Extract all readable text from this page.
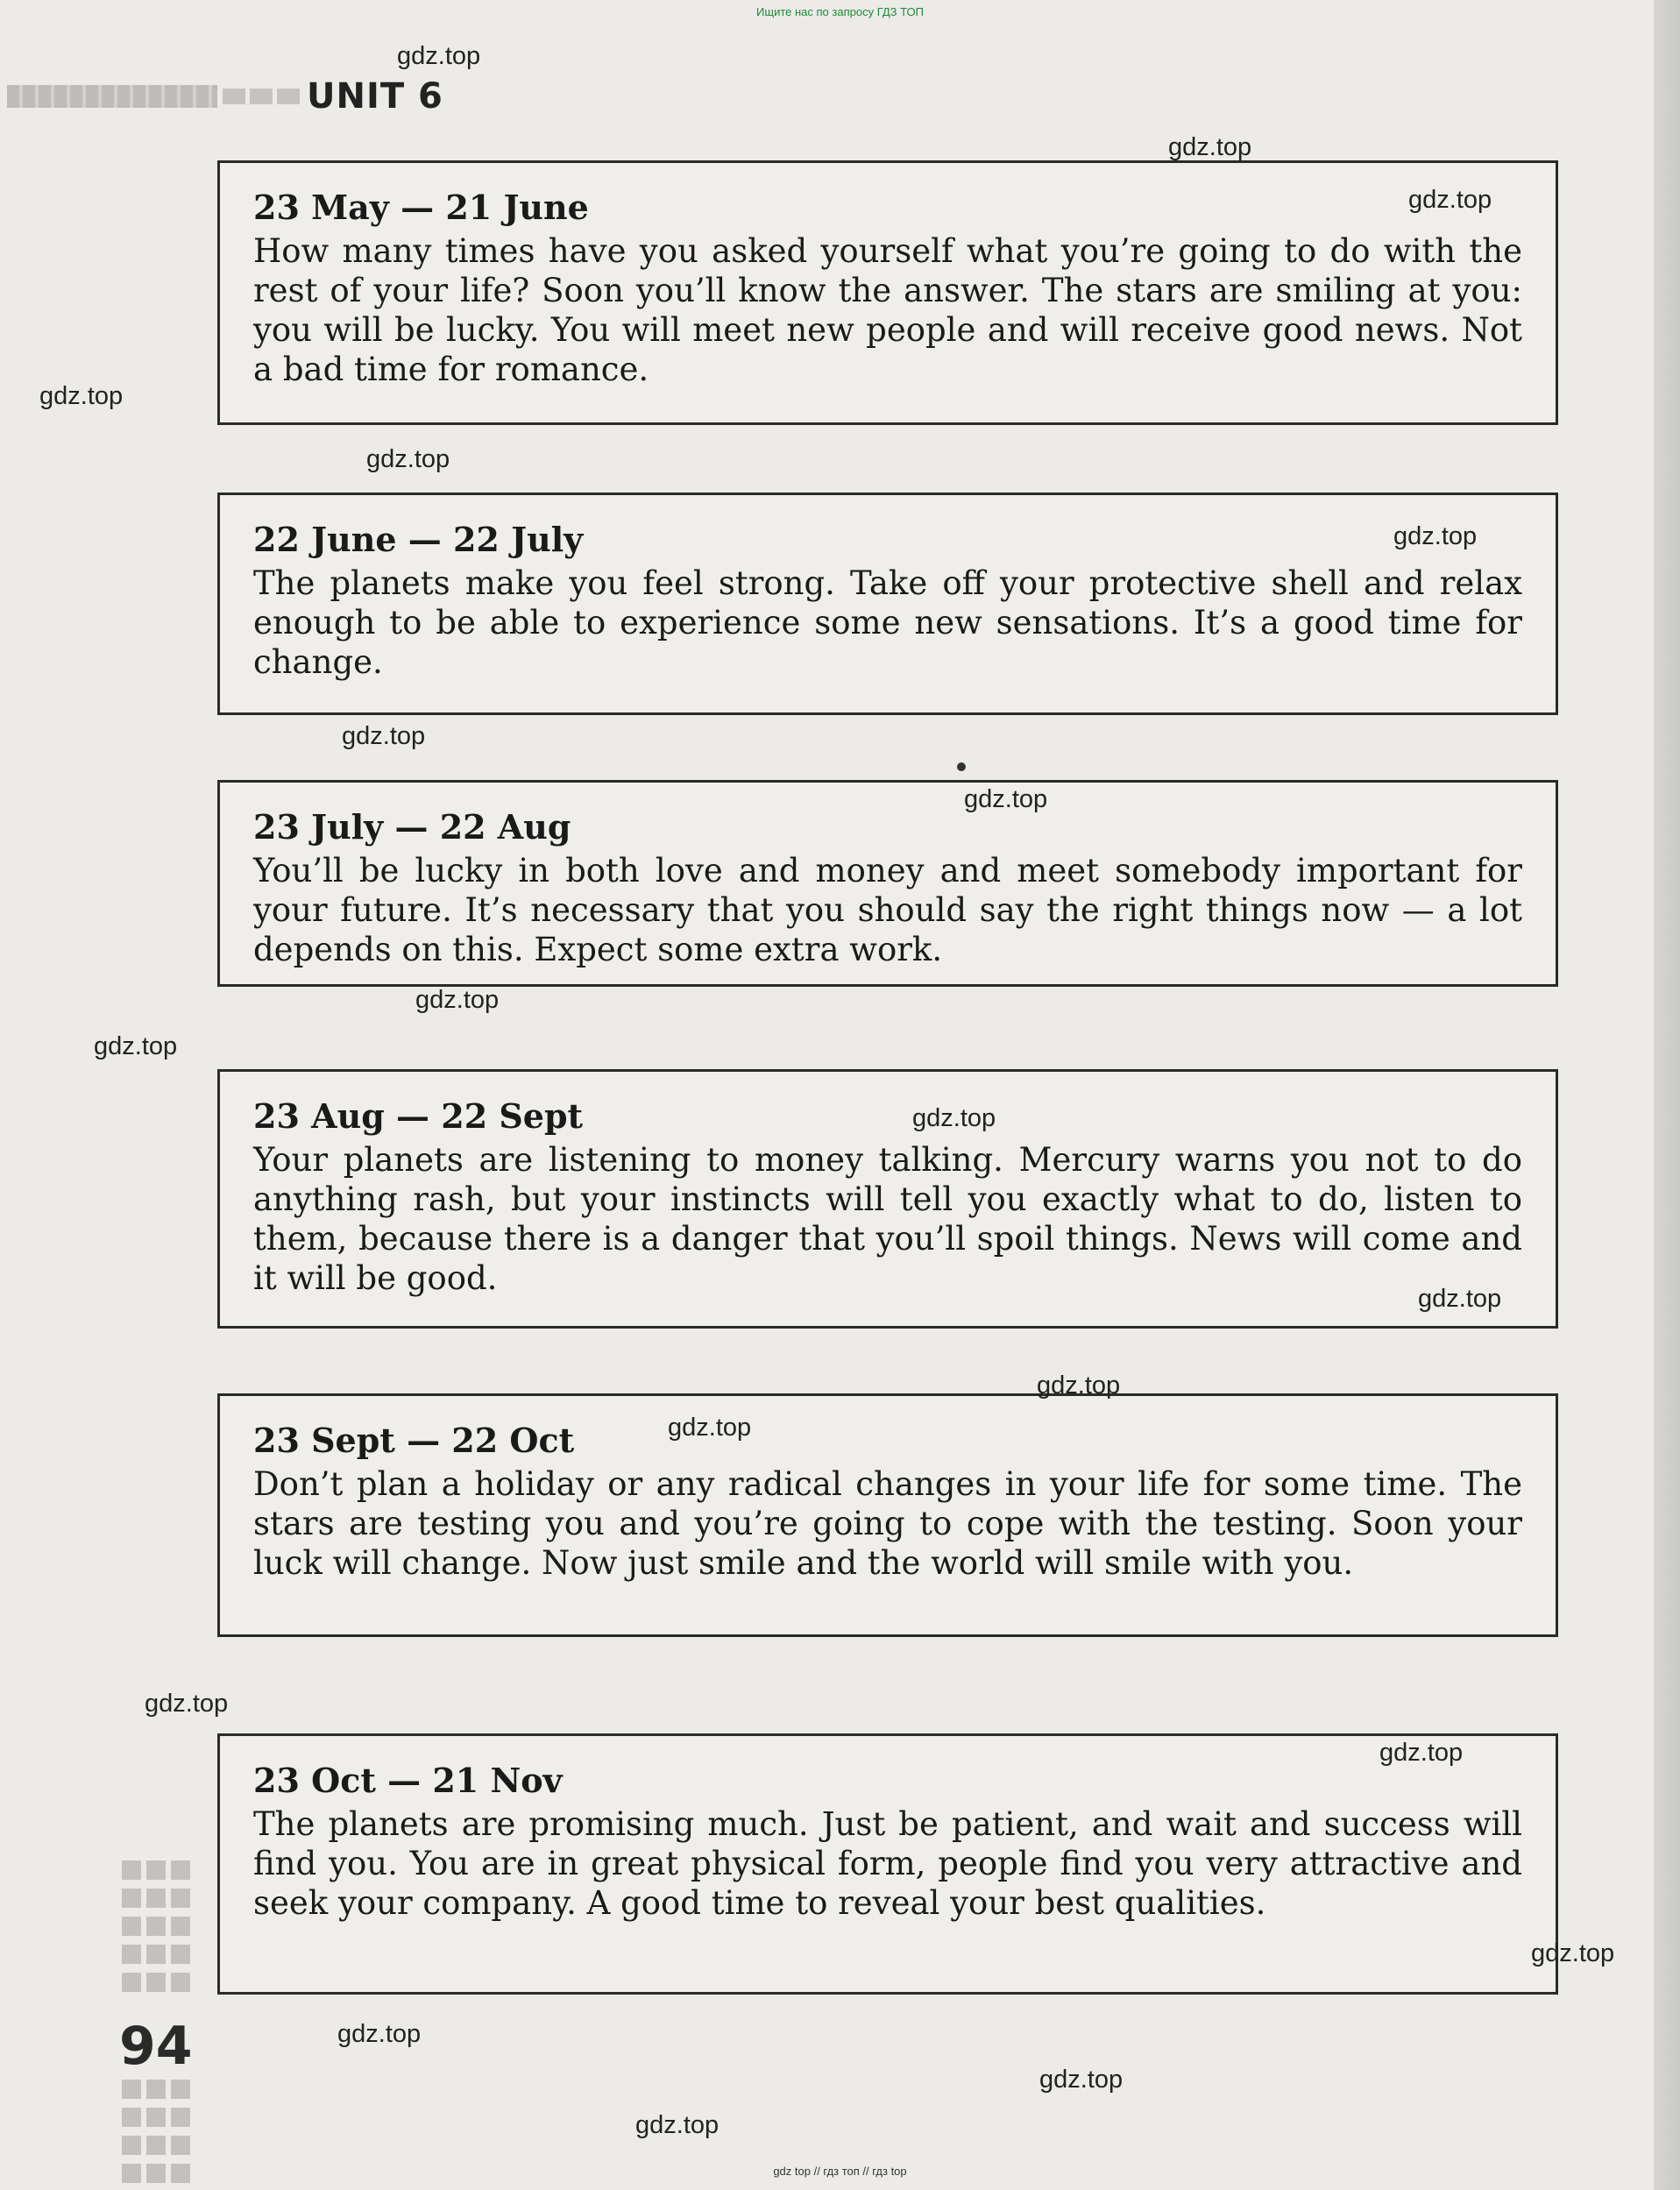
Ищите нас по запросу ГДЗ ТОП
UNIT 6
23 May — 21 June
How many times have you asked yourself what you’re going to do with the rest of your life? Soon you’ll know the answer. The stars are smiling at you: you will be lucky. You will meet new people and will receive good news. Not a bad time for romance.
22 June — 22 July
The planets make you feel strong. Take off your protective shell and relax enough to be able to experience some new sensations. It’s a good time for change.
23 July — 22 Aug
You’ll be lucky in both love and money and meet somebody important for your future. It’s necessary that you should say the right things now — a lot depends on this. Expect some extra work.
23 Aug — 22 Sept
Your planets are listening to money talking. Mercury warns you not to do anything rash, but your instincts will tell you exactly what to do, listen to them, because there is a danger that you’ll spoil things. News will come and it will be good.
23 Sept — 22 Oct
Don’t plan a holiday or any radical changes in your life for some time. The stars are testing you and you’re going to cope with the testing. Soon your luck will change. Now just smile and the world will smile with you.
23 Oct — 21 Nov
The planets are promising much. Just be patient, and wait and success will find you. You are in great physical form, people find you very attractive and seek your company. A good time to reveal your best qualities.

94

gdz.top
gdz.top
gdz.top
gdz.top
gdz.top
gdz.top
gdz.top
gdz.top
gdz.top
gdz.top
gdz.top
gdz.top
gdz.top
gdz.top
gdz.top
gdz.top
gdz.top
gdz.top
gdz.top
gdz.top
gdz top // гдз топ // гдз top
